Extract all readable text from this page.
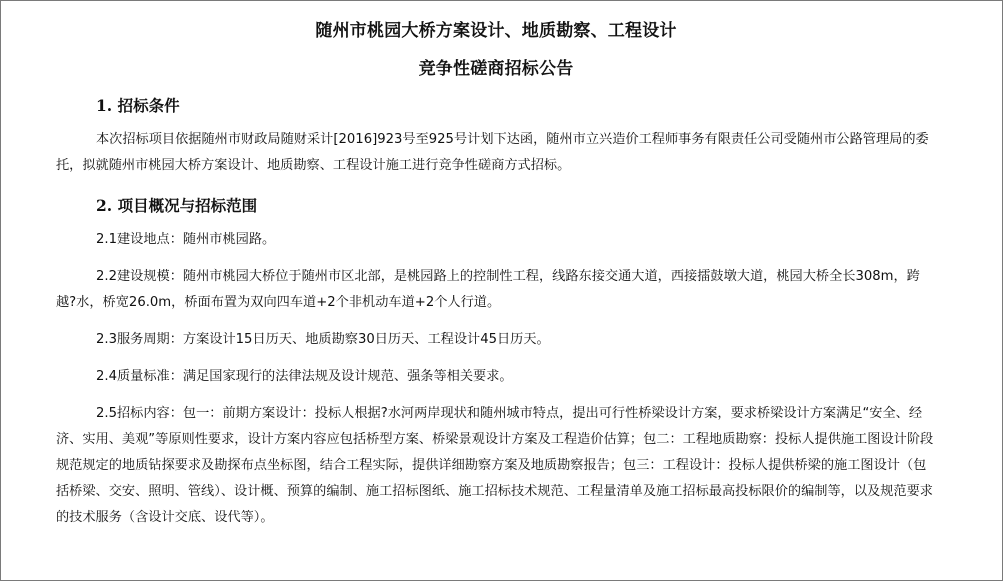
随州市桃园大桥方案设计、地质勘察、工程设计
竞争性磋商招标公告
1. 招标条件

本次招标项目依据随州市财政局随财采计[2016]923号至925号计划下达函，随州市立兴造价工程师事务有限责任公司受随州市公路管理局的委托，拟就随州市桃园大桥方案设计、地质勘察、工程设计施工进行竞争性磋商方式招标。

2. 项目概况与招标范围

2.1建设地点：随州市桃园路。

2.2建设规模：随州市桃园大桥位于随州市区北部，是桃园路上的控制性工程，线路东接交通大道，西接擂鼓墩大道，桃园大桥全长308m，跨越?水，桥宽26.0m，桥面布置为双向四车道+2个非机动车道+2个人行道。

2.3服务周期：方案设计15日历天、地质勘察30日历天、工程设计45日历天。

2.4质量标准：满足国家现行的法律法规及设计规范、强条等相关要求。

2.5招标内容：包一：前期方案设计：投标人根据?水河两岸现状和随州城市特点，提出可行性桥梁设计方案，要求桥梁设计方案满足“安全、经济、实用、美观”等原则性要求，设计方案内容应包括桥型方案、桥梁景观设计方案及工程造价估算；包二：工程地质勘察：投标人提供施工图设计阶段规范规定的地质钻探要求及勘探布点坐标图，结合工程实际，提供详细勘察方案及地质勘察报告；包三：工程设计：投标人提供桥梁的施工图设计（包括桥梁、交安、照明、管线）、设计概、预算的编制、施工招标图纸、施工招标技术规范、工程量清单及施工招标最高投标限价的编制等，以及规范要求的技术服务（含设计交底、设代等）。
